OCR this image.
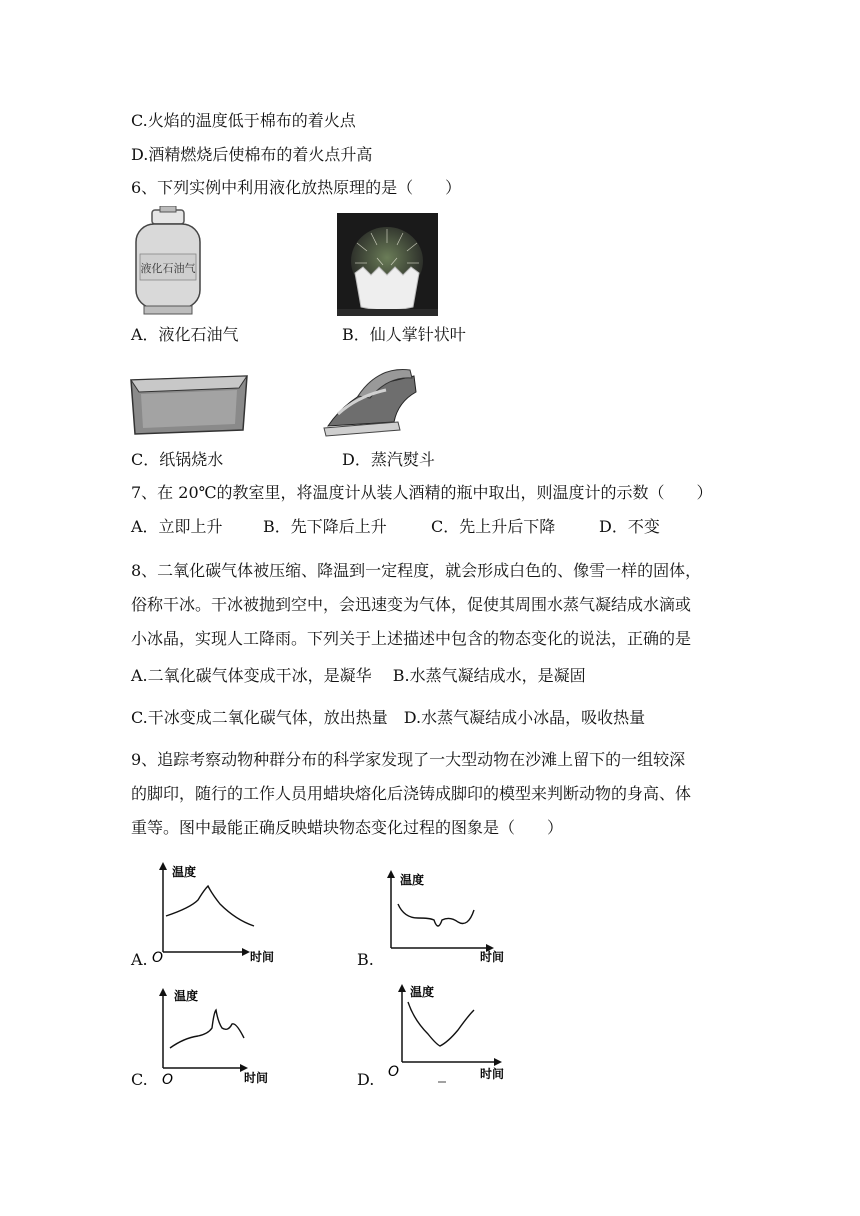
C.火焰的温度低于棉布的着火点
D.酒精燃烧后使棉布的着火点升高
6、下列实例中利用液化放热原理的是（　　）
液化石油气
A．液化石油气	B．仙人掌针状叶
C．纸锅烧水	D．蒸汽熨斗
7、在 20℃的教室里，将温度计从装人酒精的瓶中取出，则温度计的示数（　　）
A．立即上升	B．先下降后上升	C．先上升后下降	D．不变
8、二氧化碳气体被压缩、降温到一定程度，就会形成白色的、像雪一样的固体，
俗称干冰。干冰被抛到空中，会迅速变为气体，促使其周围水蒸气凝结成水滴或
小冰晶，实现人工降雨。下列关于上述描述中包含的物态变化的说法，正确的是
A.二氧化碳气体变成干冰，是凝华　 B.水蒸气凝结成水，是凝固
C.干冰变成二氧化碳气体，放出热量　D.水蒸气凝结成小冰晶，吸收热量
9、追踪考察动物种群分布的科学家发现了一大型动物在沙滩上留下的一组较深
的脚印，随行的工作人员用蜡块熔化后浇铸成脚印的模型来判断动物的身高、体
重等。图中最能正确反映蜡块物态变化过程的图象是（　　）
温度
时间
O
A.
温度
时间
B.
温度
时间
O
C.
温度
时间
O
D.
